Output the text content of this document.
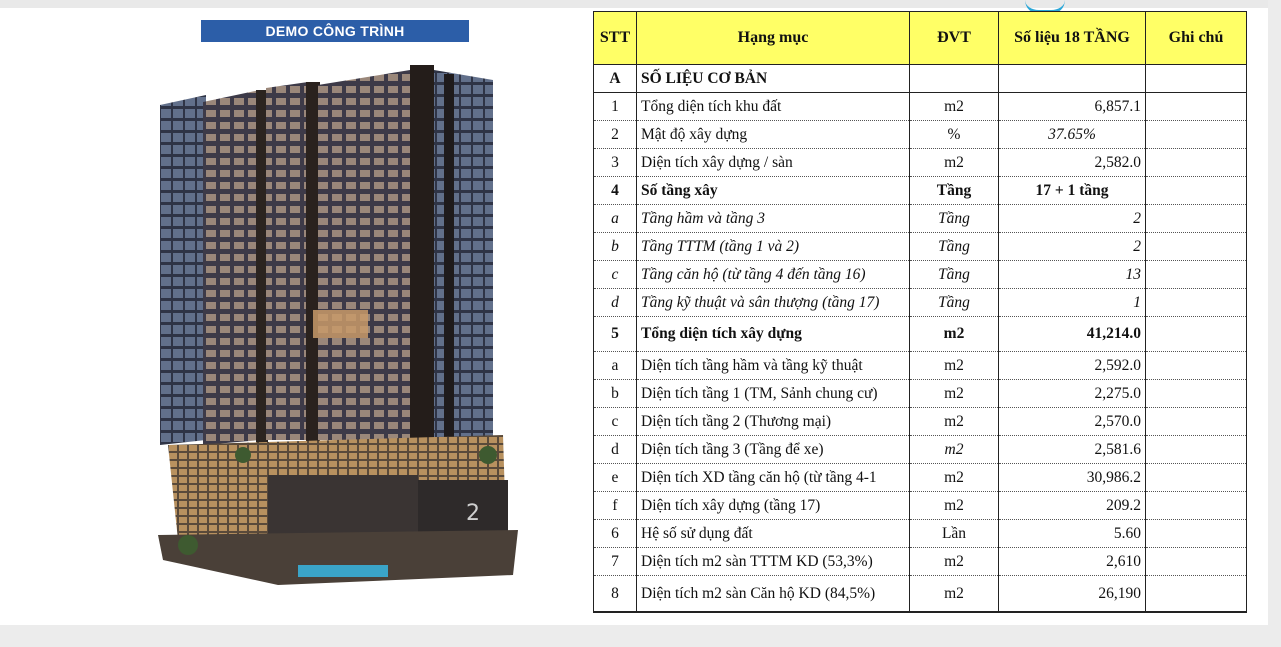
DEMO CÔNG TRÌNH
2
STT	Hạng mục	ĐVT	Số liệu 18 TẦNG	Ghi chú
A	SỐ LIỆU CƠ BẢN			
1	Tổng diện tích khu đất	m2	6,857.1	
2	Mật độ xây dựng	%	37.65%	
3	Diện tích xây dựng / sàn	m2	2,582.0	
4	Số tầng xây	Tầng	17 + 1 tầng	
a	Tầng hầm và tầng 3	Tầng	2	
b	Tầng TTTM (tầng 1 và 2)	Tầng	2	
c	Tầng căn hộ (từ tầng 4 đến tầng 16)	Tầng	13	
d	Tầng kỹ thuật và sân thượng (tầng 17)	Tầng	1	
5	Tổng diện tích xây dựng	m2	41,214.0	
a	Diện tích tầng hầm và tầng kỹ thuật	m2	2,592.0	
b	Diện tích tầng 1 (TM, Sảnh chung cư)	m2	2,275.0	
c	Diện tích tầng 2 (Thương mại)	m2	2,570.0	
d	Diện tích tầng 3 (Tầng để xe)	m2	2,581.6	
e	Diện tích XD tầng căn hộ (từ tầng 4-1	m2	30,986.2	
f	Diện tích xây dựng (tầng 17)	m2	209.2	
6	Hệ số sử dụng đất	Lần	5.60	
7	Diện tích m2 sàn TTTM KD (53,3%)	m2	2,610	
8	Diện tích m2 sàn Căn hộ KD (84,5%)	m2	26,190	
